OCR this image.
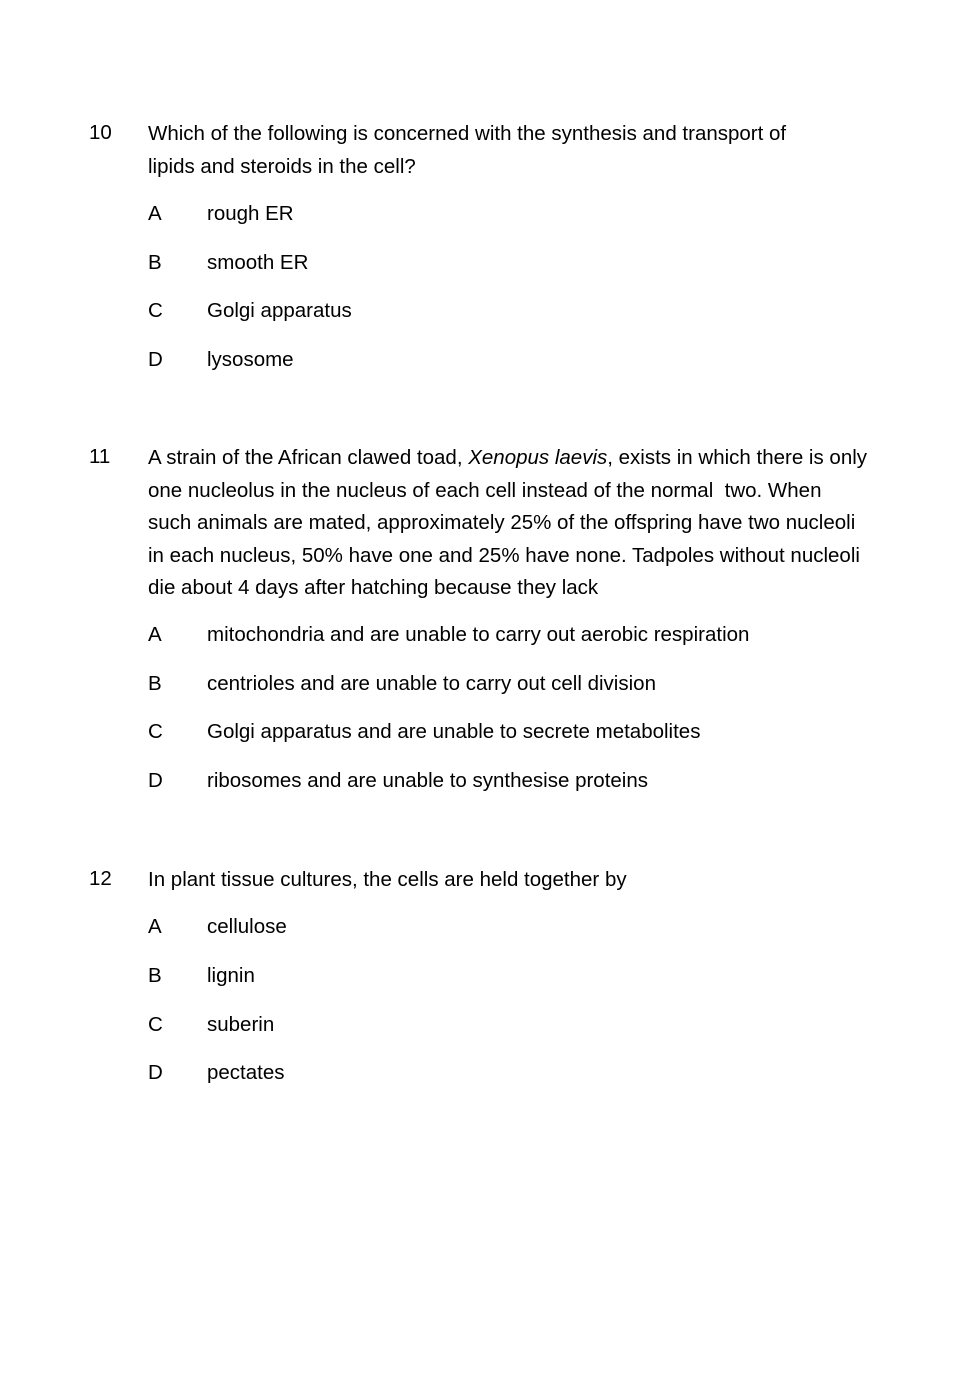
10 Which of the following is concerned with the synthesis and transport of
lipids and steroids in the cell?
A rough ER
B smooth ER
C Golgi apparatus
D lysosome
11 A strain of the African clawed toad, Xenopus laevis, exists in which there is only
one nucleolus in the nucleus of each cell instead of the normal  two. When
such animals are mated, approximately 25% of the offspring have two nucleoli
in each nucleus, 50% have one and 25% have none. Tadpoles without nucleoli
die about 4 days after hatching because they lack
A mitochondria and are unable to carry out aerobic respiration
B centrioles and are unable to carry out cell division
C Golgi apparatus and are unable to secrete metabolites
D ribosomes and are unable to synthesise proteins
12 In plant tissue cultures, the cells are held together by
A cellulose
B lignin
C suberin
D pectates
